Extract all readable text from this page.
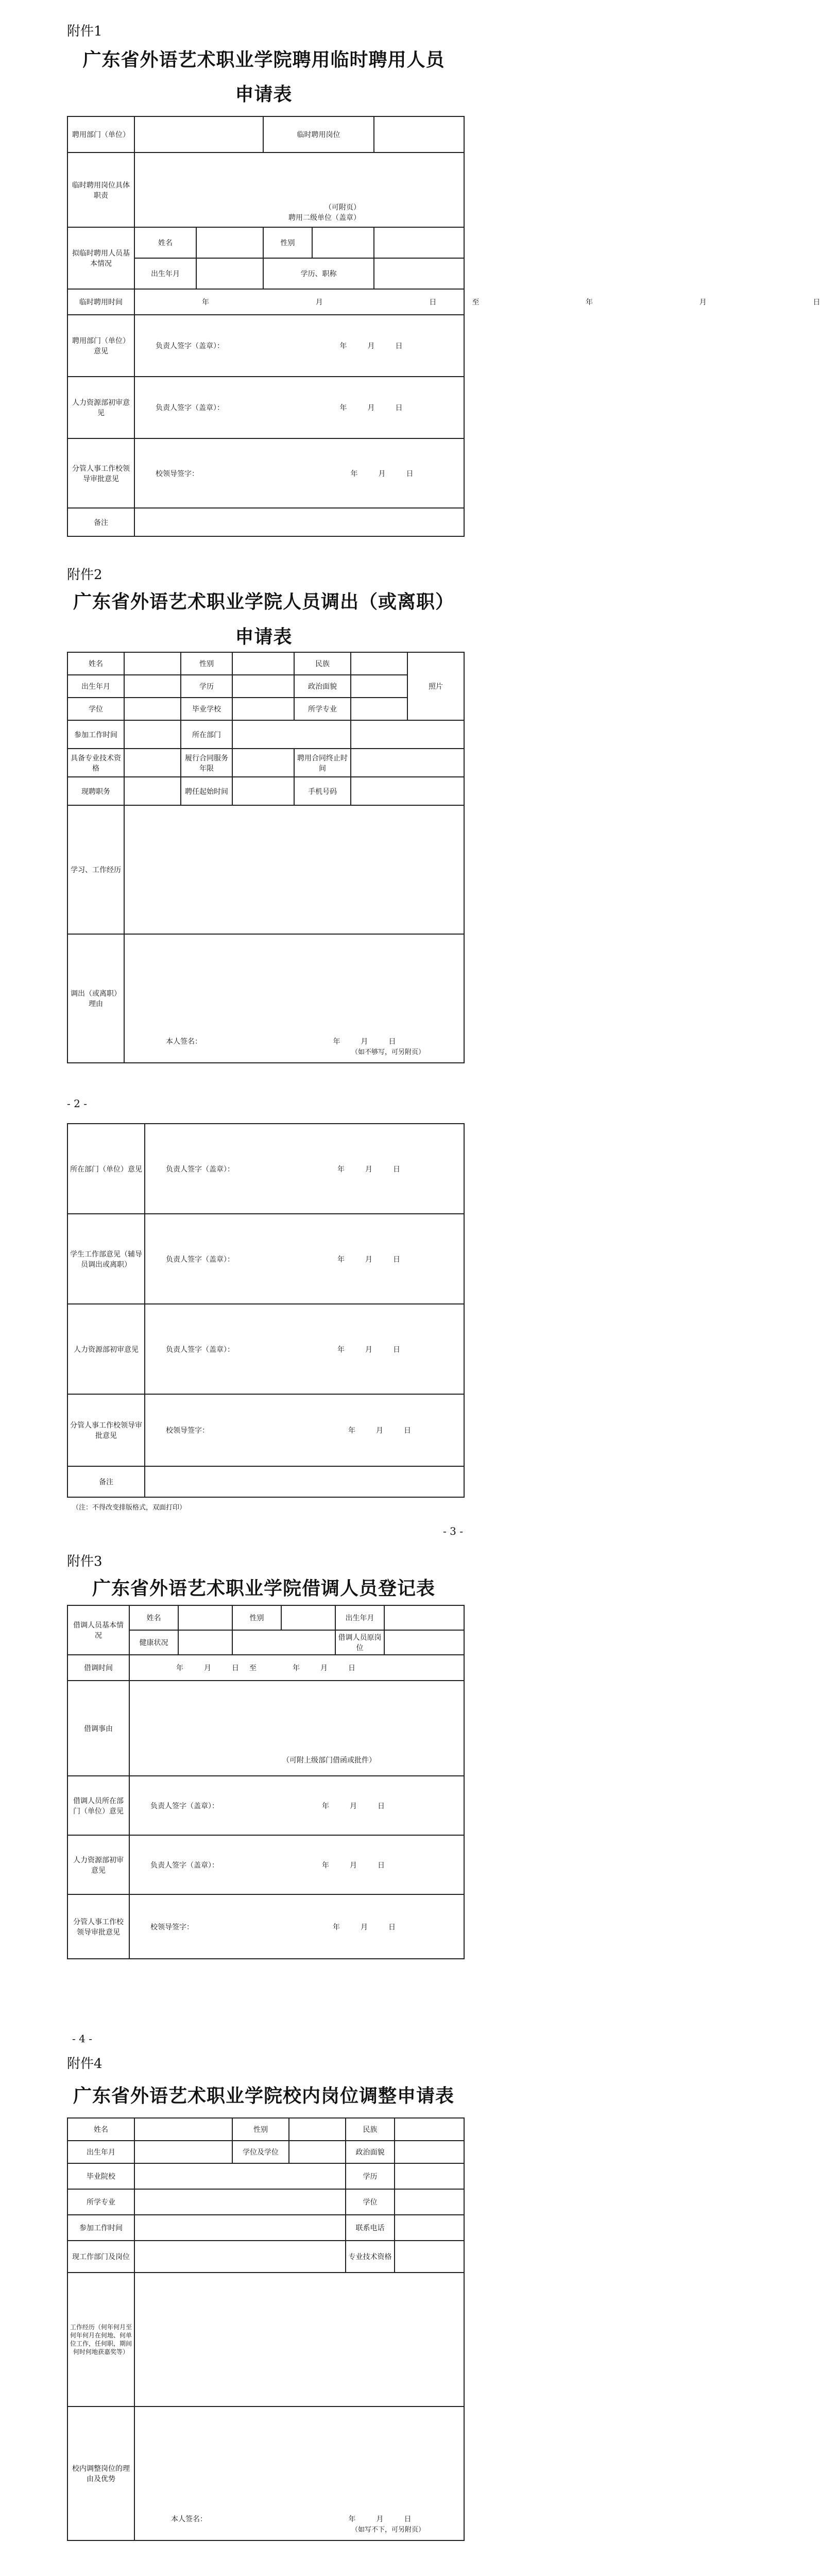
附件1
广东省外语艺术职业学院聘用临时聘用人员
申请表
聘用部门（单位）			临时聘用岗位		
临时聘用岗位具体职责	（可附页）
聘用二级单位（盖章）				

拟临时聘用人员基本情况	姓名		性别		
	出生年月		学历、职称		
临时聘用时间	年 月 日 至 年 月 日				
聘用部门（单位）意见	负责人签字（盖章）： 年 月 日				
人力资源部初审意见	负责人签字（盖章）： 年 月 日				
分管人事工作校领导审批意见	校领导签字： 年 月 日				
备注					
附件2
广东省外语艺术职业学院人员调出（或离职）
申请表
姓名		性别		民族		照片
出生年月		学历		政治面貌		
学位		毕业学校		所学专业		
参加工作时间		所在部门				
具备专业技术资格		履行合同服务年限		聘用合同终止时间		
现聘职务		聘任起始时间		手机号码		
学习、工作经历						
调出（或离职）理由	本人签名： 年 月 日
（如不够写，可另附页）					
- 2 -
所在部门（单位）意见	负责人签字（盖章）： 年 月 日
学生工作部意见（辅导员调出或离职）	负责人签字（盖章）： 年 月 日
人力资源部初审意见	负责人签字（盖章）： 年 月 日
分管人事工作校领导审批意见	校领导签字： 年 月 日
备注	
（注：不得改变排版格式，双面打印）
- 3 -
附件3
广东省外语艺术职业学院借调人员登记表
借调人员基本情况	姓名		性别		出生年月	
	健康状况				借调人员原岗位	
借调时间	年 月 日 至 年 月 日					
借调事由	（可附上级部门借函或批件）					
借调人员所在部门（单位）意见	负责人签字（盖章）： 年 月 日					
人力资源部初审意见	负责人签字（盖章）： 年 月 日					
分管人事工作校领导审批意见	校领导签字： 年 月 日					
- 4 -
附件4
广东省外语艺术职业学院校内岗位调整申请表
姓名		性别		民族	
出生年月		学位及学位		政治面貌	
毕业院校				学历	
所学专业				学位	
参加工作时间				联系电话	
现工作部门及岗位				专业技术资格	
工作经历（何年何月至何年何月在何地、何单位工作，任何职，期间何时何地获嘉奖等）					
校内调整岗位的理由及优势	本人签名： 年 月 日
（如写不下，可另附页）				
